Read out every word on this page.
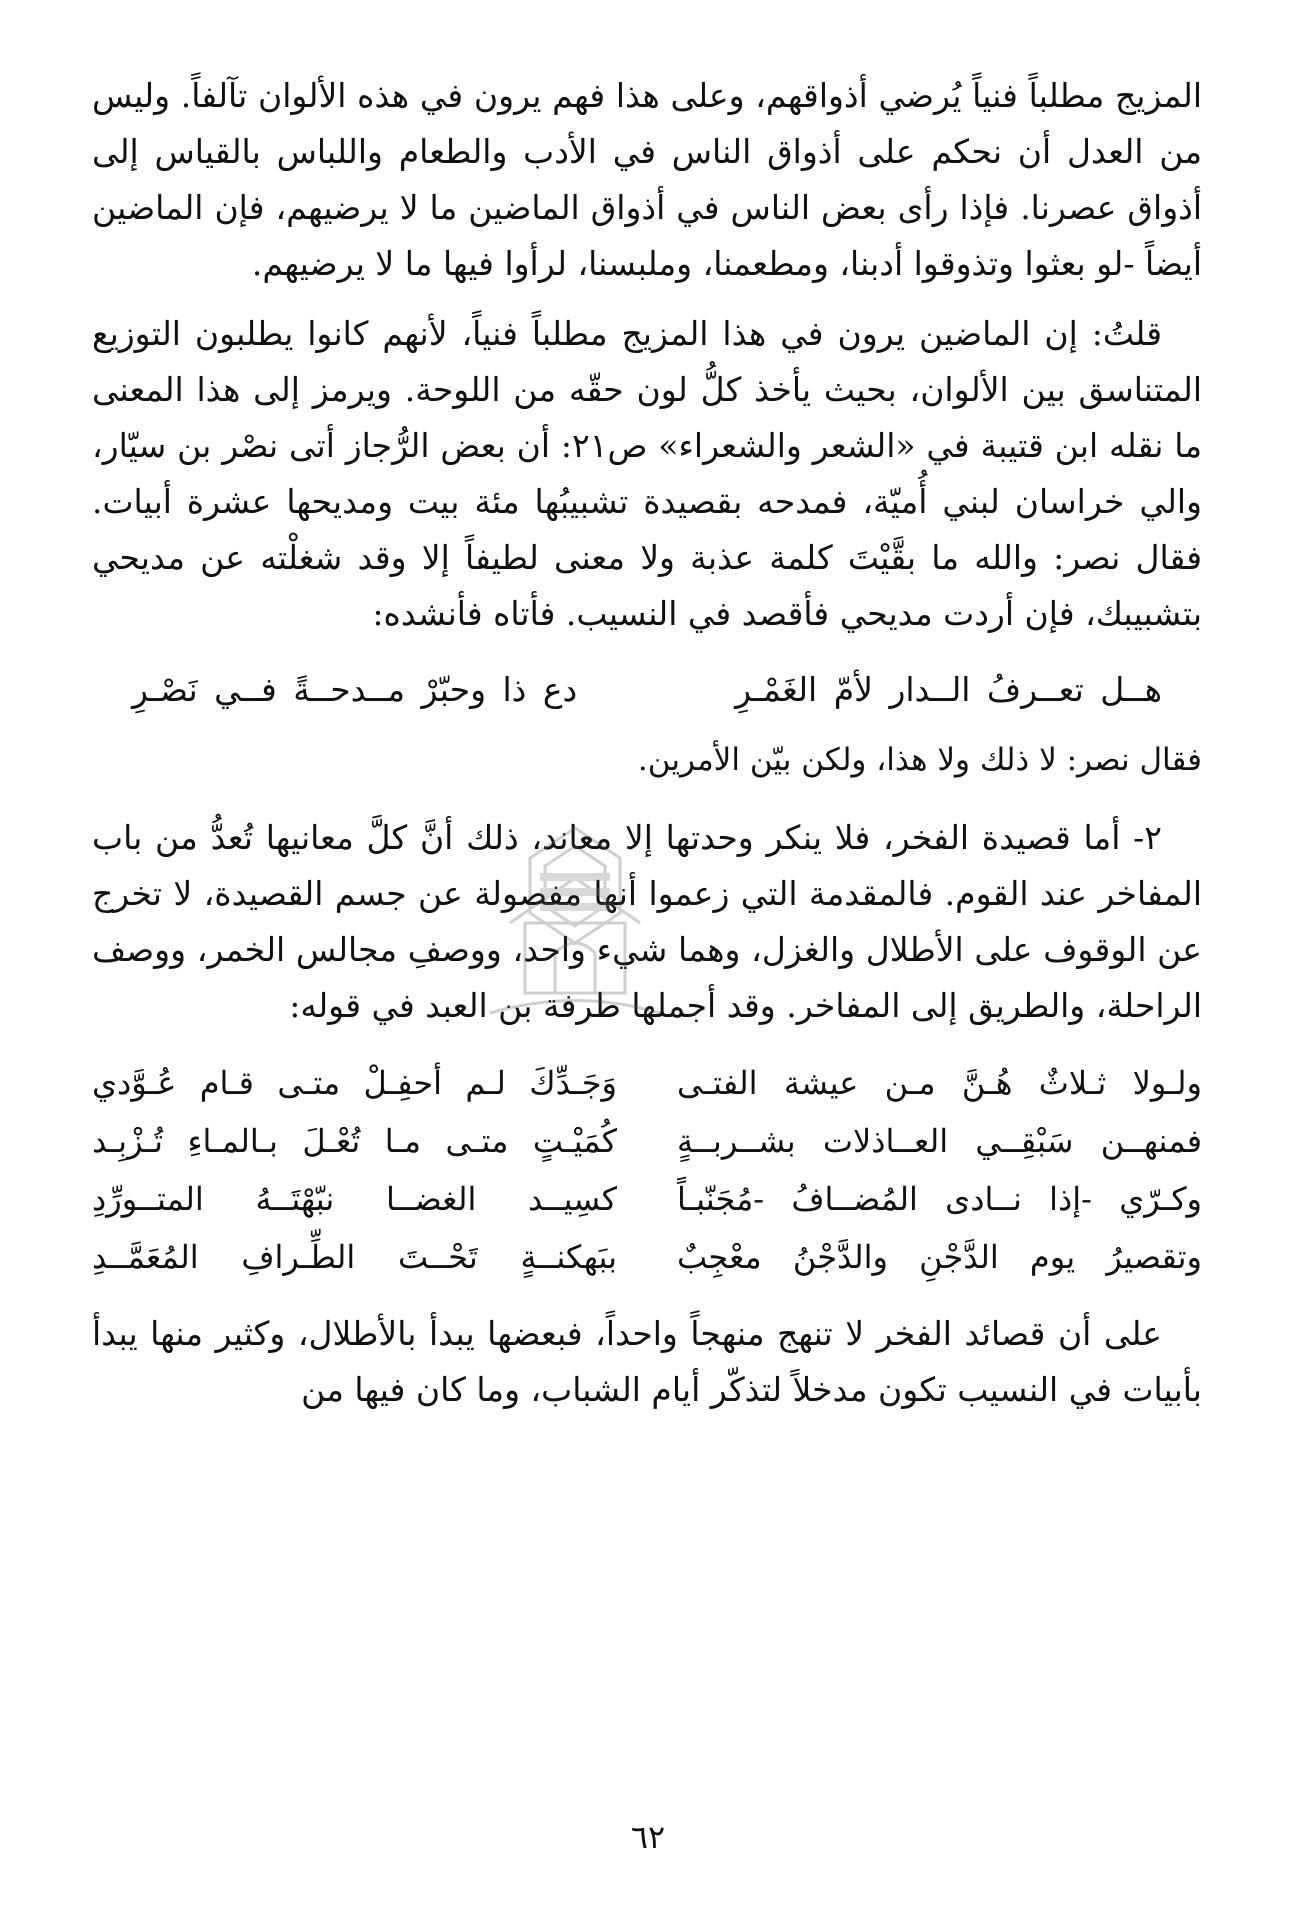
المزيج مطلباً فنياً يُرضي أذواقهم، وعلى هذا فهم يرون في هذه الألوان تآلفاً. وليس من العدل أن نحكم على أذواق الناس في الأدب والطعام واللباس بالقياس إلى أذواق عصرنا. فإذا رأى بعض الناس في أذواق الماضين ما لا يرضيهم، فإن الماضين أيضاً -لو بعثوا وتذوقوا أدبنا، ومطعمنا، وملبسنا، لرأوا فيها ما لا يرضيهم.

قلتُ: إن الماضين يرون في هذا المزيج مطلباً فنياً، لأنهم كانوا يطلبون التوزيع المتناسق بين الألوان، بحيث يأخذ كلُّ لون حقّه من اللوحة. ويرمز إلى هذا المعنى ما نقله ابن قتيبة في «الشعر والشعراء» ص٢١: أن بعض الرُّجاز أتى نصْر بن سيّار، والي خراسان لبني أُميّة، فمدحه بقصيدة تشبيبُها مئة بيت ومديحها عشرة أبيات. فقال نصر: والله ما بقَّيْتَ كلمة عذبة ولا معنى لطيفاً إلا وقد شغلْته عن مديحي بتشبيبك، فإن أردت مديحي فأقصد في النسيب. فأتاه فأنشده:

هــل تعــرفُ الــدار لأمّ الغَمْـرِ
دع ذا وحبّرْ مــدحــةً فــي نَصْـرِ

فقال نصر: لا ذلك ولا هذا، ولكن بيّن الأمرين.

٢- أما قصيدة الفخر، فلا ينكر وحدتها إلا معاند، ذلك أنَّ كلَّ معانيها تُعدُّ من باب المفاخر عند القوم. فالمقدمة التي زعموا أنها مفصولة عن جسم القصيدة، لا تخرج عن الوقوف على الأطلال والغزل، وهما شيء واحد، ووصفِ مجالس الخمر، ووصف الراحلة، والطريق إلى المفاخر. وقد أجملها طرفة بن العبد في قوله:

ولـولا ثـلاثٌ هُـنَّ مـن عيشة الفتـى
وَجَـدِّكَ لـم أحفِـلْ متـى قـام عُـوَّدي
فمنهــن سَبْقِــي العــاذلات بشــربــةٍ
كُمَيْـتٍ متـى مـا تُعْـلَ بـالمـاءِ تُـزْبِـد
وكـرّي -إذا نــادى المُضــافُ -مُجَنّبـاً
كسِيــد الغضــا نبّهْتَــهُ المتــورِّدِ
وتقصيرُ يوم الدَّجْنِ والدَّجْنُ معْجِبٌ
ببَهكنــةٍ تَحْــتَ الطِّـرافِ المُعَمَّــدِ

على أن قصائد الفخر لا تنهج منهجاً واحداً، فبعضها يبدأ بالأطلال، وكثير منها يبدأ بأبيات في النسيب تكون مدخلاً لتذكّر أيام الشباب، وما كان فيها من

٦٢
